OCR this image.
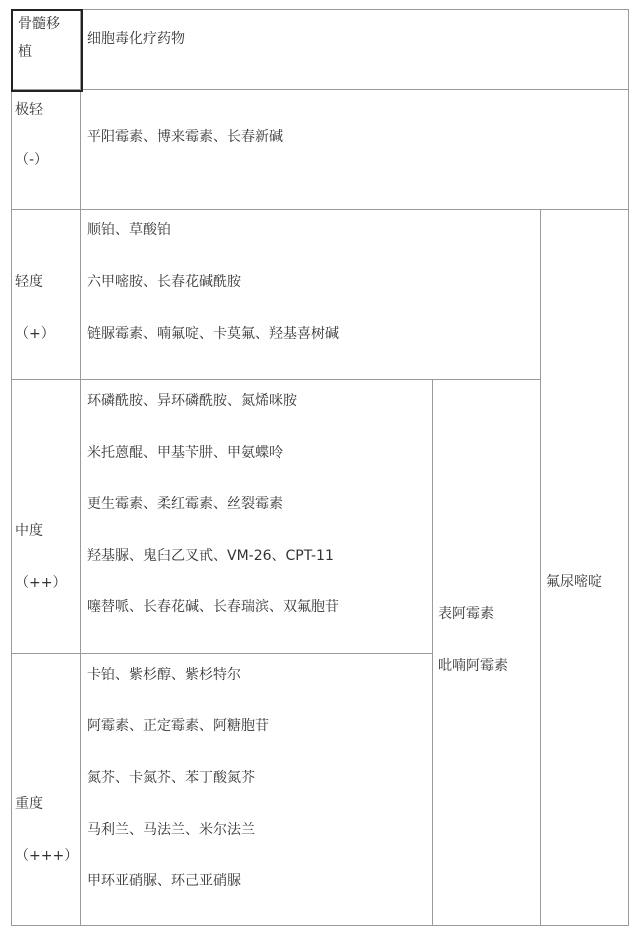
骨髓移
植
细胞毒化疗药物
极轻
（-）
平阳霉素、博来霉素、长春新碱
轻度
（+）
顺铂、草酸铂
六甲嘧胺、长春花碱酰胺
链脲霉素、喃氟啶、卡莫氟、羟基喜树碱
中度
（++）
环磷酰胺、异环磷酰胺、氮烯咪胺
米托蒽醌、甲基苄肼、甲氨蝶呤
更生霉素、柔红霉素、丝裂霉素
羟基脲、鬼臼乙叉甙、VM-26、CPT-11
噻替哌、长春花碱、长春瑞滨、双氟胞苷
重度
（+++）
卡铂、紫杉醇、紫杉特尔
阿霉素、正定霉素、阿糖胞苷
氮芥、卡氮芥、苯丁酸氮芥
马利兰、马法兰、米尔法兰
甲环亚硝脲、环己亚硝脲
表阿霉素
吡喃阿霉素
氟尿嘧啶
